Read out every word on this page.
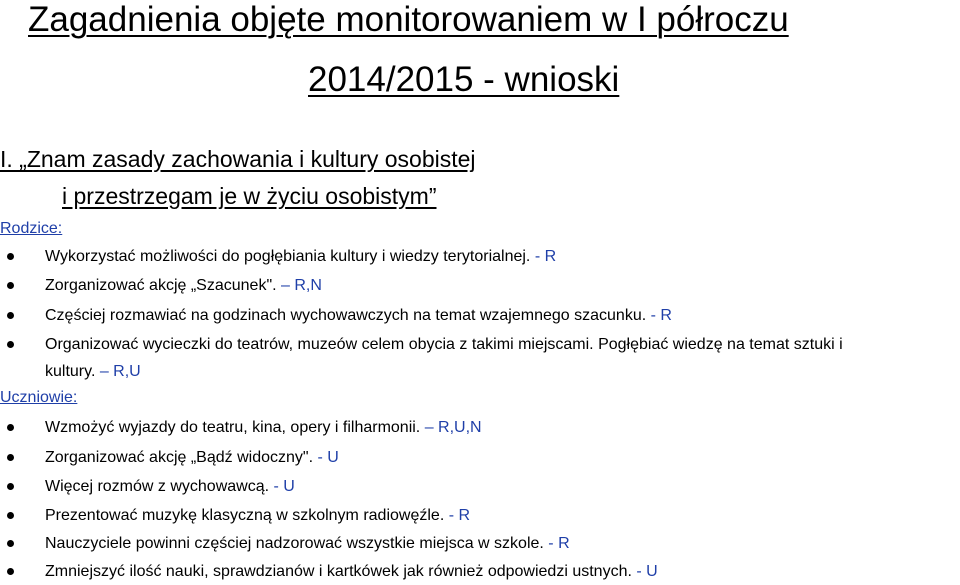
Zagadnienia objęte monitorowaniem w I półroczu
2014/2015 - wnioski
I. „Znam zasady zachowania i kultury osobistej
i przestrzegam je w życiu osobistym”
Rodzice:
Wykorzystać możliwości do pogłębiania kultury i wiedzy terytorialnej. - R
Zorganizować akcję „Szacunek". – R,N
Częściej rozmawiać na godzinach wychowawczych na temat wzajemnego szacunku. - R
Organizować wycieczki do teatrów, muzeów celem obycia z takimi miejscami. Pogłębiać wiedzę na temat sztuki i
kultury. – R,U
Uczniowie:
Wzmożyć wyjazdy do teatru, kina, opery i filharmonii. – R,U,N
Zorganizować akcję „Bądź widoczny". - U
Więcej rozmów z wychowawcą. - U
Prezentować muzykę klasyczną w szkolnym radiowęźle. - R
Nauczyciele powinni częściej nadzorować wszystkie miejsca w szkole. - R
Zmniejszyć ilość nauki, sprawdzianów i kartkówek jak również odpowiedzi ustnych. - U
